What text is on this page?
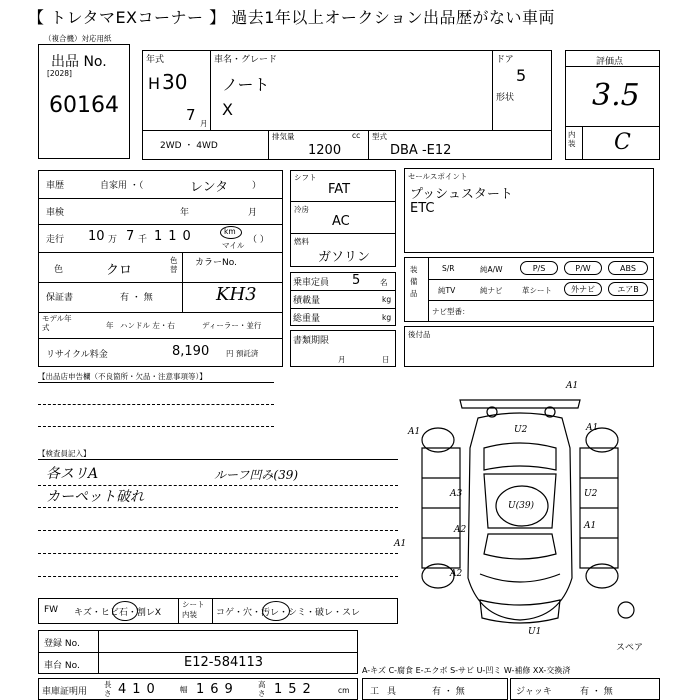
【 トレタマEXコーナー 】 過去1年以上オークション出品歴がない車両
（複合機）対応用紙
出品 No.
[2028]
60164
年式
H 30
7 月
車名・グレード
ノート
X
ドア
5
形状
2WD ・ 4WD
排気量	cc
1200
型式
DBA -E12
評価点
3.5
内装 C
車歴	自家用 ・（	レンタ	）
車検	年	月
走行 10 万 7 千 110	km
マイル
（ ）
色	クロ
色替
カラーNo.
KH3
保証書	有 ・ 無
モデル年式	年 ハンドル 左・右	ディーラー・並行
リサイクル料金	8,190 円 預託済
シフト
FAT
冷房
AC
燃料
ガソリン
乗車定員 5	名
積載量	kg
総重量	kg
書類期限
月	日
セールスポイント
プッシュスタート
ETC
装備品
S/R	純A/W	P/S	P/W	ABS
純TV	純ナビ	革シート	外ナビ	エアB
ナビ型番：
後付品
【出品店申告欄（不良箇所・欠品・注意事項等）】
【検査員記入】
各スリA
カーペット破れ
ルーフ凹み(39)
A1
U2	A1
A1
A3
U(39)
U2
A2	A1
A1
A2
U1
スペア
FW キズ・ヒビ石・割レX
シート内装	コゲ・穴・汚レ・シミ・破レ・スレ
登録 No.
車台 No.	E12-584113
A-キズ C-腐食 E-エクボ S-サビ U-凹ミ W-補修 XX-交換済
車庫証明用
長さ 410	幅 169	高さ 152	cm 工具	有 ・ 無	ジャッキ	有 ・ 無
